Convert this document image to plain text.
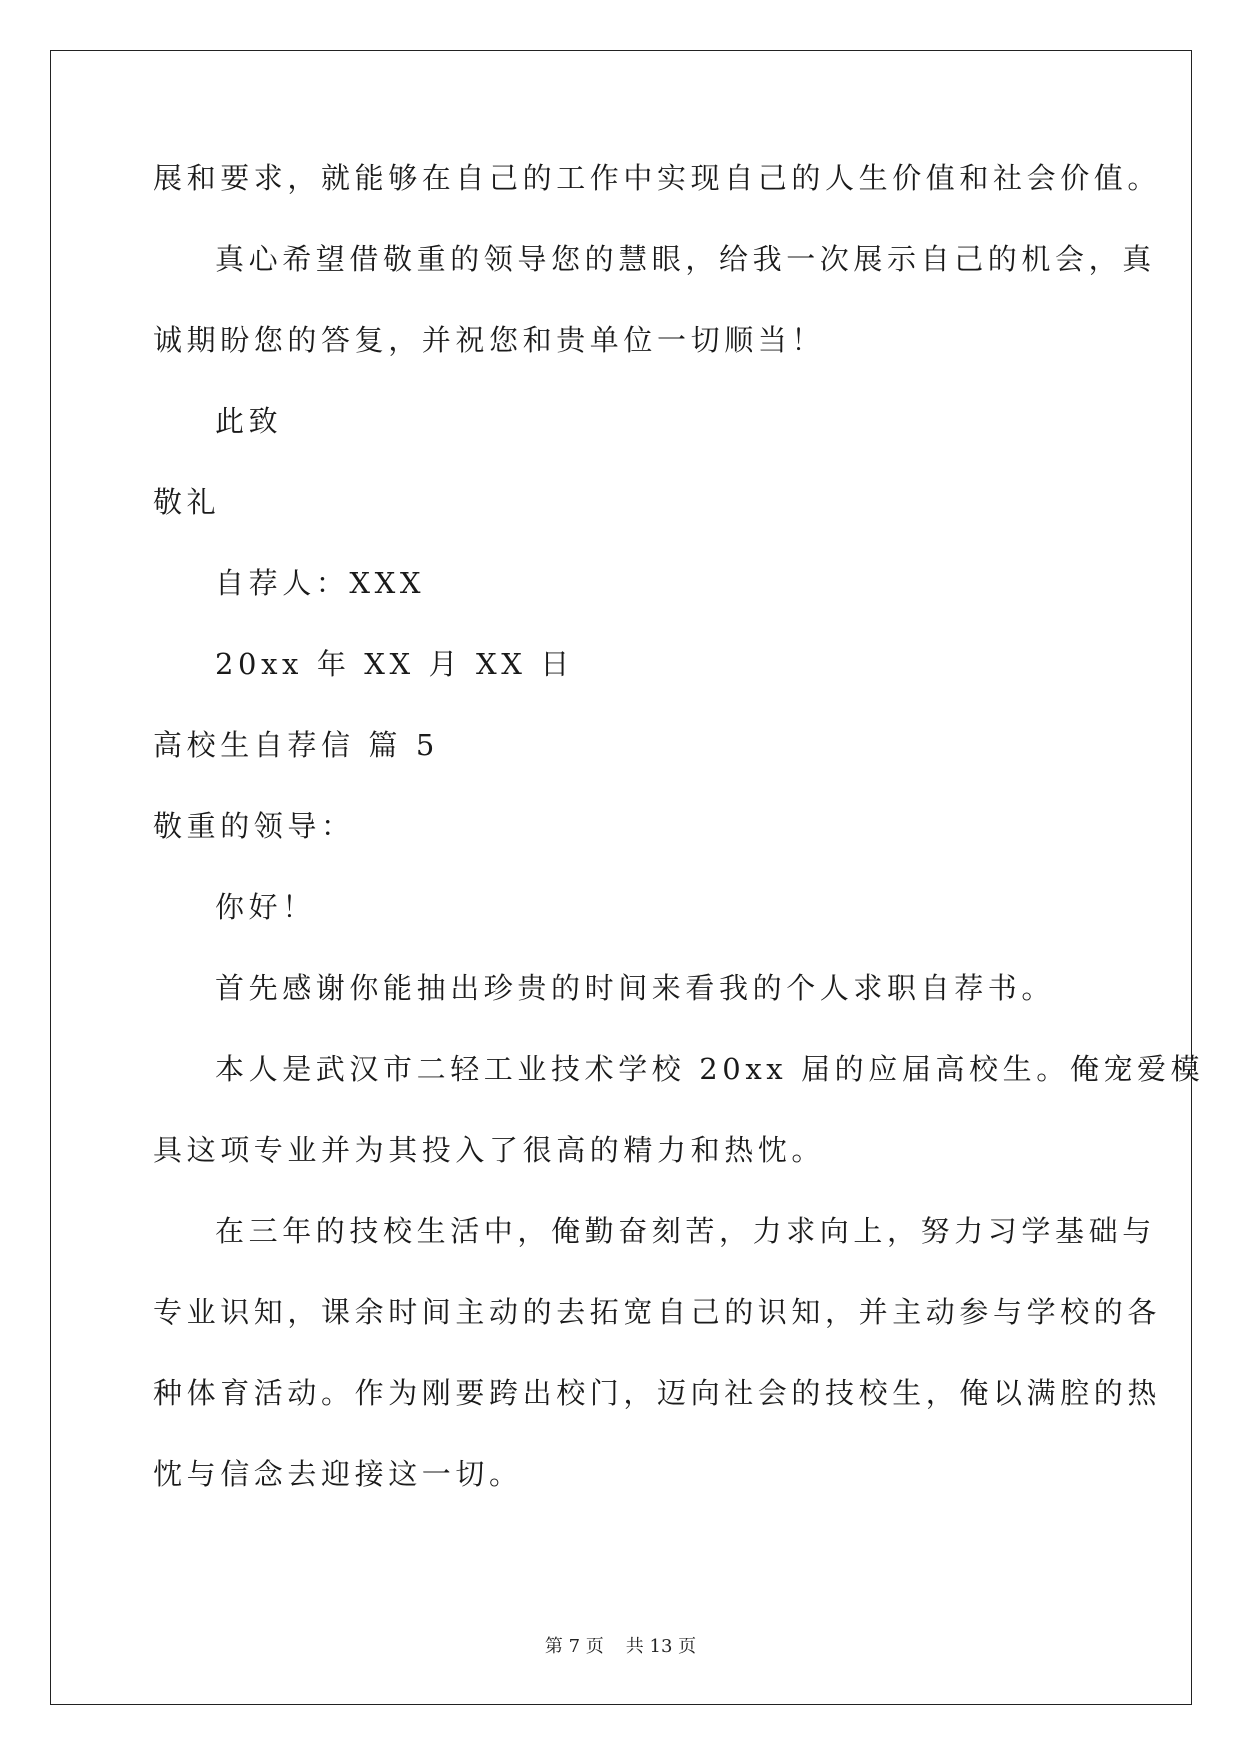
展和要求，就能够在自己的工作中实现自己的人生价值和社会价值。
真心希望借敬重的领导您的慧眼，给我一次展示自己的机会，真
诚期盼您的答复，并祝您和贵单位一切顺当！
此致
敬礼
自荐人：XXX
20xx 年 XX 月 XX 日
高校生自荐信 篇 5
敬重的领导：
你好！
首先感谢你能抽出珍贵的时间来看我的个人求职自荐书。
本人是武汉市二轻工业技术学校 20xx 届的应届高校生。俺宠爱模
具这项专业并为其投入了很高的精力和热忱。
在三年的技校生活中，俺勤奋刻苦，力求向上，努力习学基础与
专业识知，课余时间主动的去拓宽自己的识知，并主动参与学校的各
种体育活动。作为刚要跨出校门，迈向社会的技校生，俺以满腔的热
忱与信念去迎接这一切。
第 7 页 共 13 页
